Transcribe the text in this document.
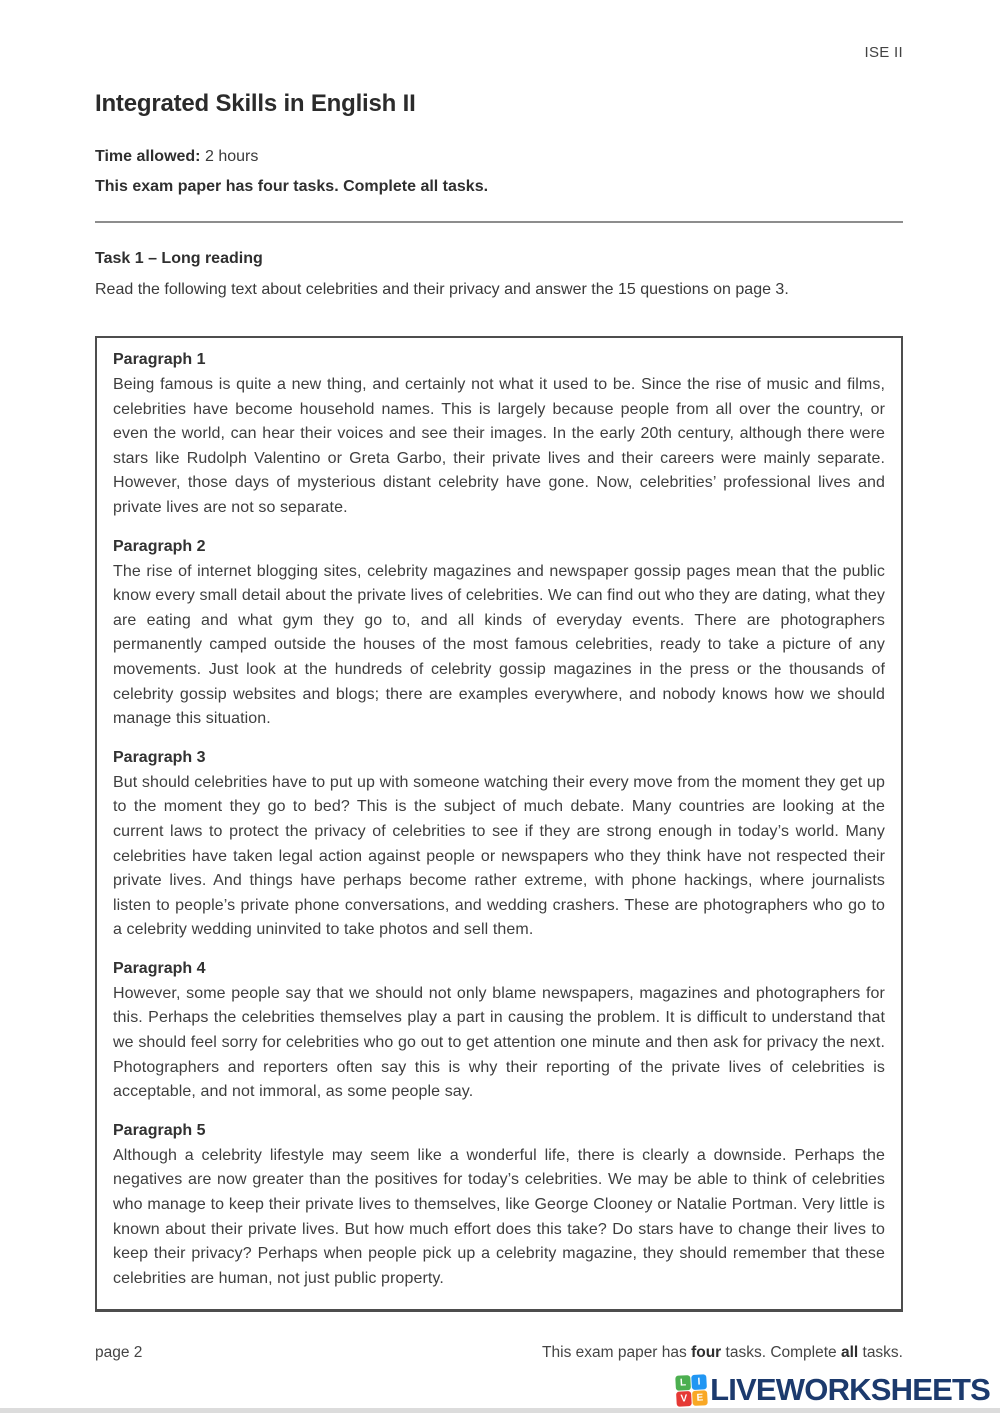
ISE II
Integrated Skills in English II

Time allowed: 2 hours

This exam paper has four tasks. Complete all tasks.

Task 1 – Long reading

Read the following text about celebrities and their privacy and answer the 15 questions on page 3.

Paragraph 1

Being famous is quite a new thing, and certainly not what it used to be. Since the rise of music and films, celebrities have become household names. This is largely because people from all over the country, or even the world, can hear their voices and see their images. In the early 20th century, although there were stars like Rudolph Valentino or Greta Garbo, their private lives and their careers were mainly separate. However, those days of mysterious distant celebrity have gone. Now, celebrities’ professional lives and private lives are not so separate.

Paragraph 2

The rise of internet blogging sites, celebrity magazines and newspaper gossip pages mean that the public know every small detail about the private lives of celebrities. We can find out who they are dating, what they are eating and what gym they go to, and all kinds of everyday events. There are photographers permanently camped outside the houses of the most famous celebrities, ready to take a picture of any movements. Just look at the hundreds of celebrity gossip magazines in the press or the thousands of celebrity gossip websites and blogs; there are examples everywhere, and nobody knows how we should manage this situation.

Paragraph 3

But should celebrities have to put up with someone watching their every move from the moment they get up to the moment they go to bed? This is the subject of much debate. Many countries are looking at the current laws to protect the privacy of celebrities to see if they are strong enough in today’s world. Many celebrities have taken legal action against people or newspapers who they think have not respected their private lives. And things have perhaps become rather extreme, with phone hackings, where journalists listen to people’s private phone conversations, and wedding crashers. These are photographers who go to a celebrity wedding uninvited to take photos and sell them.

Paragraph 4

However, some people say that we should not only blame newspapers, magazines and photographers for this. Perhaps the celebrities themselves play a part in causing the problem. It is difficult to understand that we should feel sorry for celebrities who go out to get attention one minute and then ask for privacy the next. Photographers and reporters often say this is why their reporting of the private lives of celebrities is acceptable, and not immoral, as some people say.

Paragraph 5

Although a celebrity lifestyle may seem like a wonderful life, there is clearly a downside. Perhaps the negatives are now greater than the positives for today’s celebrities. We may be able to think of celebrities who manage to keep their private lives to themselves, like George Clooney or Natalie Portman. Very little is known about their private lives. But how much effort does this take? Do stars have to change their lives to keep their privacy? Perhaps when people pick up a celebrity magazine, they should remember that these celebrities are human, not just public property.

page 2	This exam paper has four tasks. Complete all tasks.
L	I
V E LIVEWORKSHEETS
